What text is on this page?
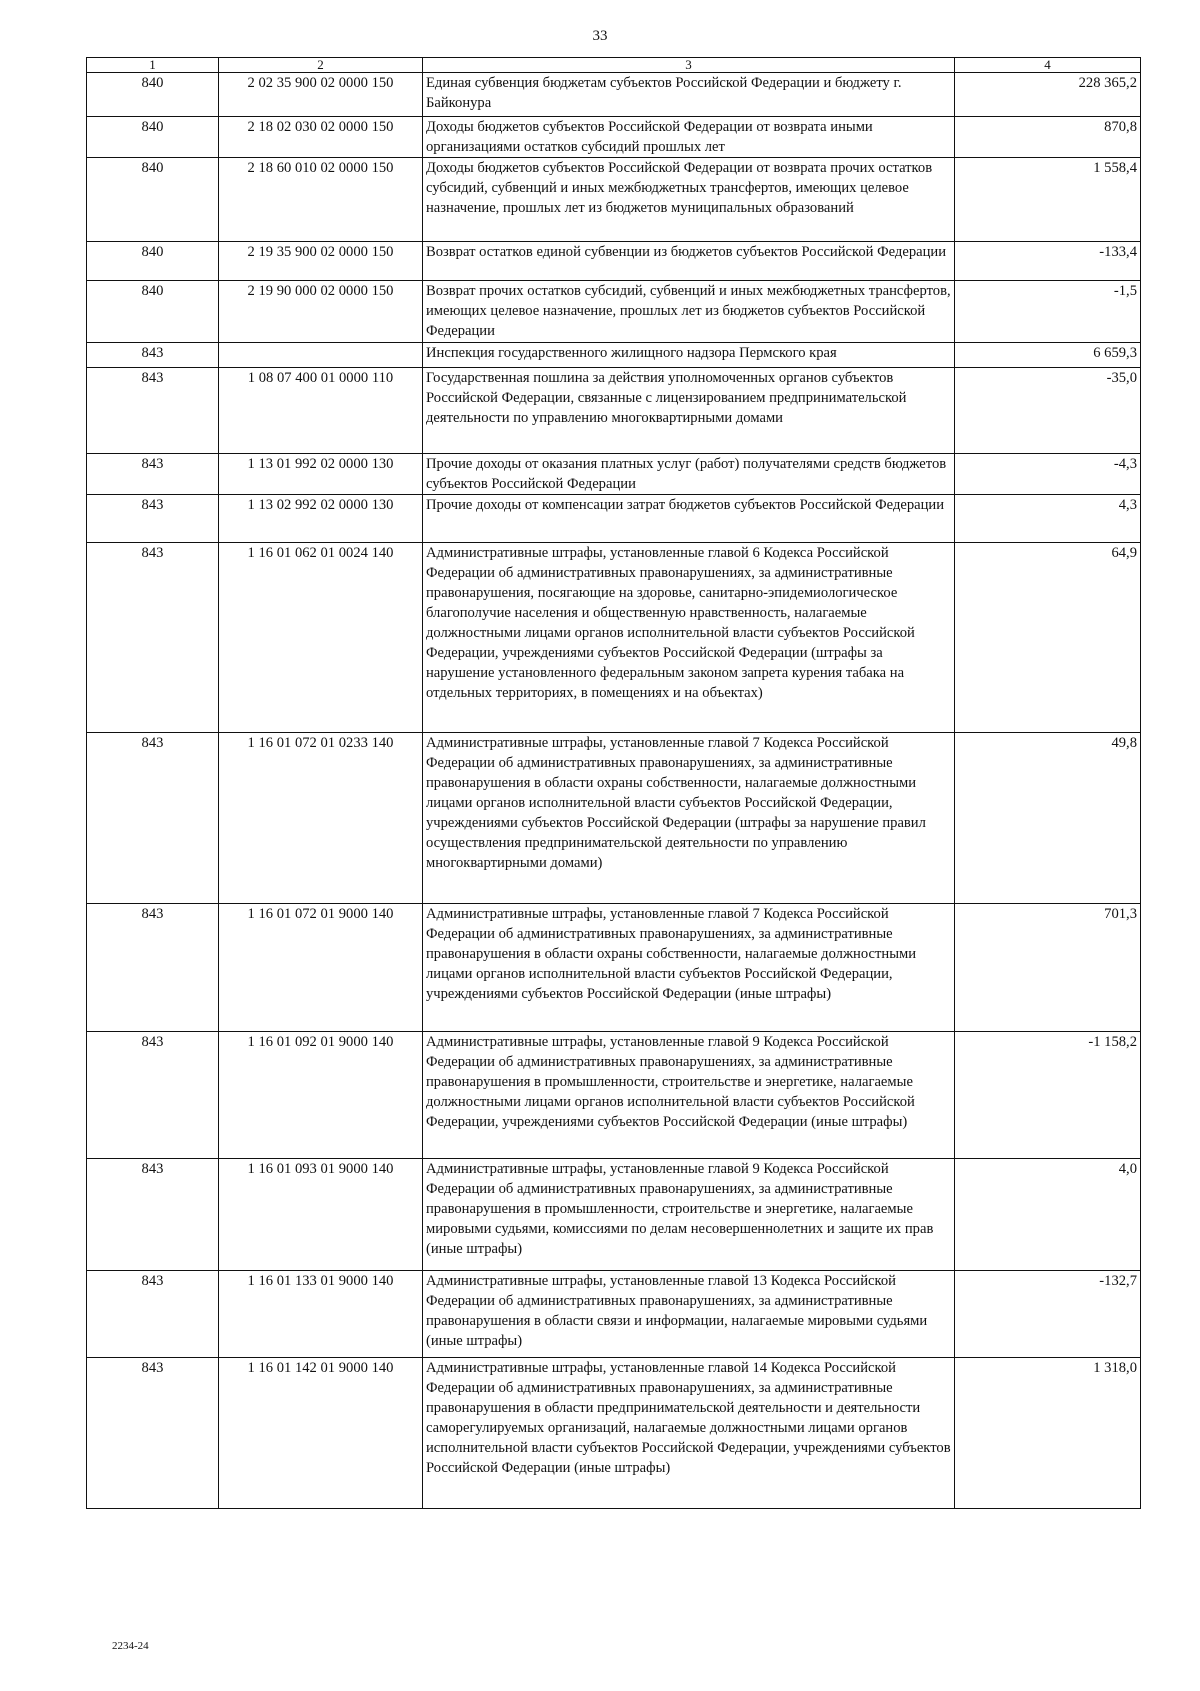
33
1	2	3	4
840	2 02 35 900 02 0000 150	Единая субвенция бюджетам субъектов Российской Федерации и бюджету г. Байконура	228 365,2
840	2 18 02 030 02 0000 150	Доходы бюджетов субъектов Российской Федерации от возврата иными организациями остатков субсидий прошлых лет	870,8
840	2 18 60 010 02 0000 150	Доходы бюджетов субъектов Российской Федерации от возврата прочих остатков субсидий, субвенций и иных межбюджетных трансфертов, имеющих целевое назначение, прошлых лет из бюджетов муниципальных образований	1 558,4
840	2 19 35 900 02 0000 150	Возврат остатков единой субвенции из бюджетов субъектов Российской Федерации	-133,4
840	2 19 90 000 02 0000 150	Возврат прочих остатков субсидий, субвенций и иных межбюджетных трансфертов, имеющих целевое назначение, прошлых лет из бюджетов субъектов Российской Федерации	-1,5
843		Инспекция государственного жилищного надзора Пермского края	6 659,3
843	1 08 07 400 01 0000 110	Государственная пошлина за действия уполномоченных органов субъектов Российской Федерации, связанные с лицензированием предпринимательской деятельности по управлению многоквартирными домами	-35,0
843	1 13 01 992 02 0000 130	Прочие доходы от оказания платных услуг (работ) получателями средств бюджетов субъектов Российской Федерации	-4,3
843	1 13 02 992 02 0000 130	Прочие доходы от компенсации затрат бюджетов субъектов Российской Федерации	4,3
843	1 16 01 062 01 0024 140	Административные штрафы, установленные главой 6 Кодекса Российской Федерации об административных правонарушениях, за административные правонарушения, посягающие на здоровье, санитарно-эпидемиологическое благополучие населения и общественную нравственность, налагаемые должностными лицами органов исполнительной власти субъектов Российской Федерации, учреждениями субъектов Российской Федерации (штрафы за нарушение установленного федеральным законом запрета курения табака на отдельных территориях, в помещениях и на объектах)	64,9
843	1 16 01 072 01 0233 140	Административные штрафы, установленные главой 7 Кодекса Российской Федерации об административных правонарушениях, за административные правонарушения в области охраны собственности, налагаемые должностными лицами органов исполнительной власти субъектов Российской Федерации, учреждениями субъектов Российской Федерации (штрафы за нарушение правил осуществления предпринимательской деятельности по управлению многоквартирными домами)	49,8
843	1 16 01 072 01 9000 140	Административные штрафы, установленные главой 7 Кодекса Российской Федерации об административных правонарушениях, за административные правонарушения в области охраны собственности, налагаемые должностными лицами органов исполнительной власти субъектов Российской Федерации, учреждениями субъектов Российской Федерации (иные штрафы)	701,3
843	1 16 01 092 01 9000 140	Административные штрафы, установленные главой 9 Кодекса Российской Федерации об административных правонарушениях, за административные правонарушения в промышленности, строительстве и энергетике, налагаемые должностными лицами органов исполнительной власти субъектов Российской Федерации, учреждениями субъектов Российской Федерации (иные штрафы)	-1 158,2
843	1 16 01 093 01 9000 140	Административные штрафы, установленные главой 9 Кодекса Российской Федерации об административных правонарушениях, за административные правонарушения в промышленности, строительстве и энергетике, налагаемые мировыми судьями, комиссиями по делам несовершеннолетних и защите их прав (иные штрафы)	4,0
843	1 16 01 133 01 9000 140	Административные штрафы, установленные главой 13 Кодекса Российской Федерации об административных правонарушениях, за административные правонарушения в области связи и информации, налагаемые мировыми судьями (иные штрафы)	-132,7
843	1 16 01 142 01 9000 140	Административные штрафы, установленные главой 14 Кодекса Российской Федерации об административных правонарушениях, за административные правонарушения в области предпринимательской деятельности и деятельности саморегулируемых организаций, налагаемые должностными лицами органов исполнительной власти субъектов Российской Федерации, учреждениями субъектов Российской Федерации (иные штрафы)	1 318,0
2234-24
